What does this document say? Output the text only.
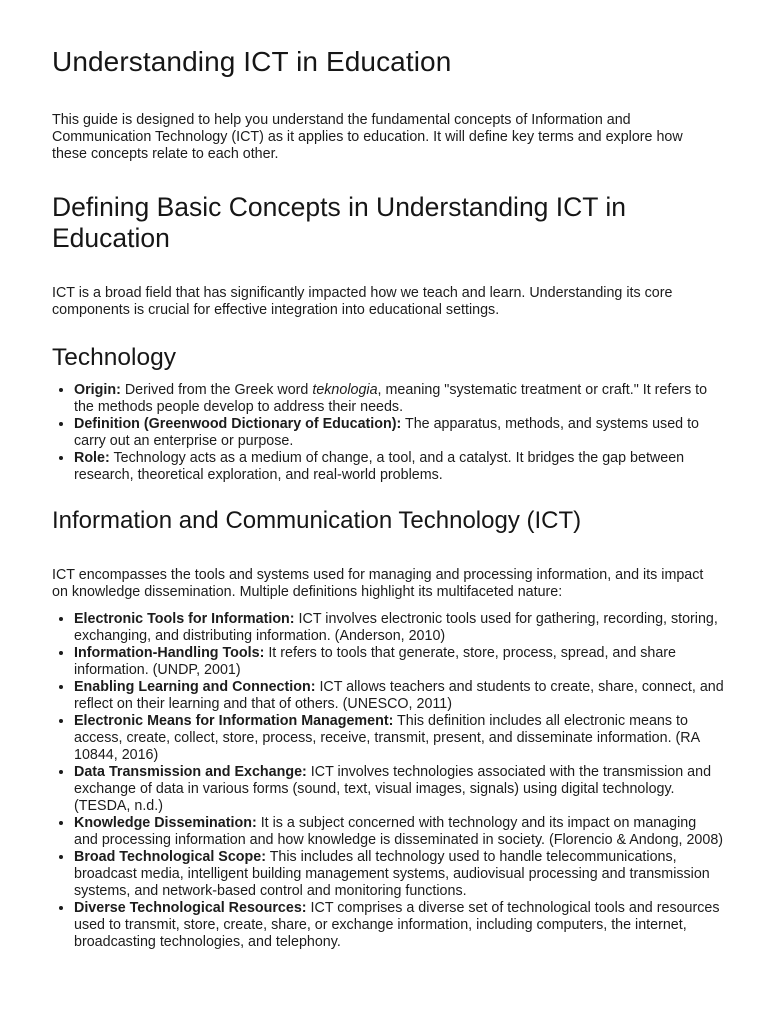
Understanding ICT in Education

This guide is designed to help you understand the fundamental concepts of Information and Communication Technology (ICT) as it applies to education. It will define key terms and explore how these concepts relate to each other.

Defining Basic Concepts in Understanding ICT in Education

ICT is a broad field that has significantly impacted how we teach and learn. Understanding its core components is crucial for effective integration into educational settings.

Technology
• Origin: Derived from the Greek word teknologia, meaning "systematic treatment or craft." It refers to the methods people develop to address their needs.
• Definition (Greenwood Dictionary of Education): The apparatus, methods, and systems used to carry out an enterprise or purpose.
• Role: Technology acts as a medium of change, a tool, and a catalyst. It bridges the gap between research, theoretical exploration, and real-world problems.
Information and Communication Technology (ICT)

ICT encompasses the tools and systems used for managing and processing information, and its impact on knowledge dissemination. Multiple definitions highlight its multifaceted nature:

• Electronic Tools for Information: ICT involves electronic tools used for gathering, recording, storing, exchanging, and distributing information. (Anderson, 2010)
• Information-Handling Tools: It refers to tools that generate, store, process, spread, and share information. (UNDP, 2001)
• Enabling Learning and Connection: ICT allows teachers and students to create, share, connect, and reflect on their learning and that of others. (UNESCO, 2011)
• Electronic Means for Information Management: This definition includes all electronic means to access, create, collect, store, process, receive, transmit, present, and disseminate information. (RA 10844, 2016)
• Data Transmission and Exchange: ICT involves technologies associated with the transmission and exchange of data in various forms (sound, text, visual images, signals) using digital technology. (TESDA, n.d.)
• Knowledge Dissemination: It is a subject concerned with technology and its impact on managing and processing information and how knowledge is disseminated in society. (Florencio & Andong, 2008)
• Broad Technological Scope: This includes all technology used to handle telecommunications, broadcast media, intelligent building management systems, audiovisual processing and transmission systems, and network-based control and monitoring functions.
• Diverse Technological Resources: ICT comprises a diverse set of technological tools and resources used to transmit, store, create, share, or exchange information, including computers, the internet, broadcasting technologies, and telephony.
